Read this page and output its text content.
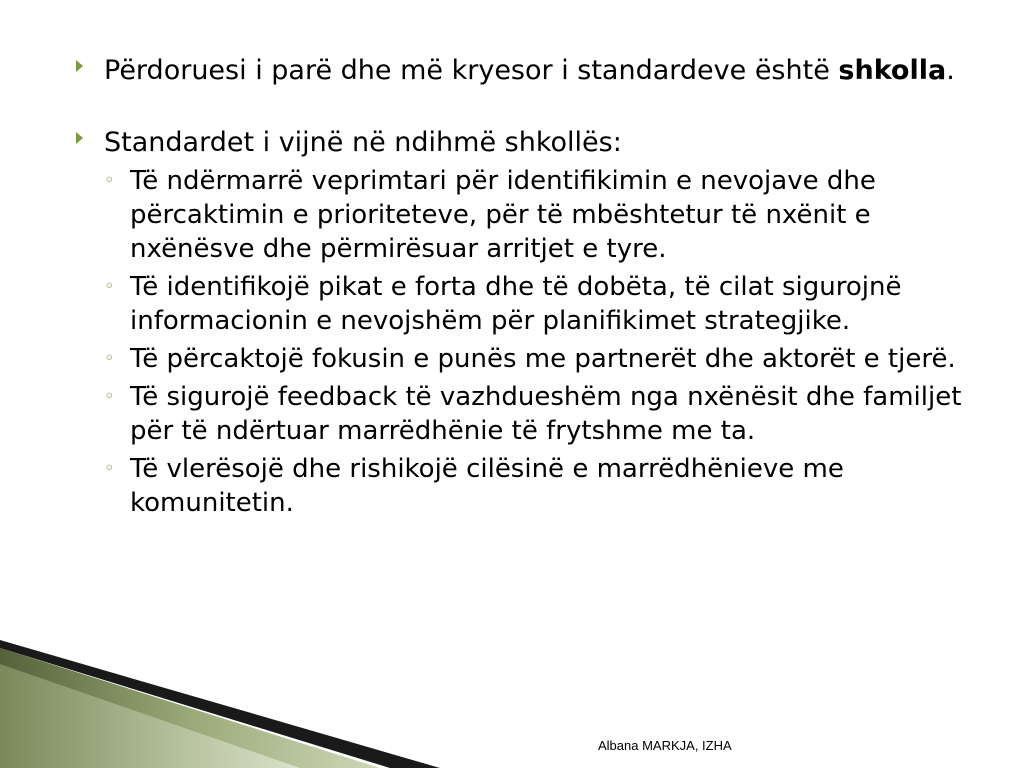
Përdoruesi i parë dhe më kryesor i standardeve është shkolla.
Standardet i vijnë në ndihmë shkollës:
◦ Të ndërmarrë veprimtari për identifikimin e nevojave dhe përcaktimin e prioriteteve, për të mbështetur të nxënit e nxënësve dhe përmirësuar arritjet e tyre.
◦ Të identifikojë pikat e forta dhe të dobëta, të cilat sigurojnë informacionin e nevojshëm për planifikimet strategjike.
◦ Të përcaktojë fokusin e punës me partnerët dhe aktorët e tjerë.
◦ Të sigurojë feedback të vazhdueshëm nga nxënësit dhe familjet për të ndërtuar marrëdhënie të frytshme me ta.
◦ Të vlerësojë dhe rishikojë cilësinë e marrëdhënieve me komunitetin.
Albana MARKJA, IZHA
